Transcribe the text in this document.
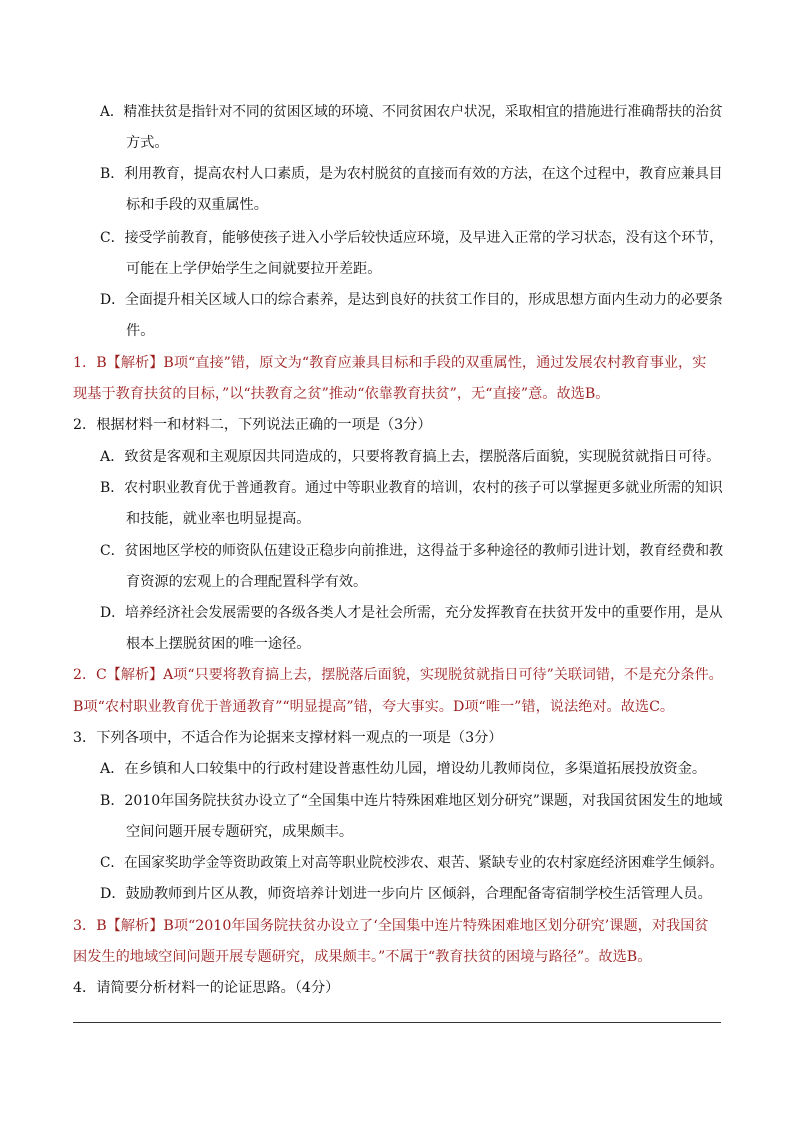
A．精准扶贫是指针对不同的贫困区域的环境、不同贫困农户状况，采取相宜的措施进行准确帮扶的治贫
方式。
B．利用教育，提高农村人口素质，是为农村脱贫的直接而有效的方法，在这个过程中，教育应兼具目
标和手段的双重属性。
C．接受学前教育，能够使孩子进入小学后较快适应环境，及早进入正常的学习状态，没有这个环节，
可能在上学伊始学生之间就要拉开差距。
D．全面提升相关区域人口的综合素养，是达到良好的扶贫工作目的，形成思想方面内生动力的必要条
件。
1．B【解析】B项“直接”错，原文为“教育应兼具目标和手段的双重属性，通过发展农村教育事业，实
现基于教育扶贫的目标，”以“扶教育之贫”推动“依靠教育扶贫”，无“直接”意。故选B。
2．根据材料一和材料二，下列说法正确的一项是（3分）
A．致贫是客观和主观原因共同造成的，只要将教育搞上去，摆脱落后面貌，实现脱贫就指日可待。
B．农村职业教育优于普通教育。通过中等职业教育的培训，农村的孩子可以掌握更多就业所需的知识
和技能，就业率也明显提高。
C．贫困地区学校的师资队伍建设正稳步向前推进，这得益于多种途径的教师引进计划，教育经费和教
育资源的宏观上的合理配置科学有效。
D．培养经济社会发展需要的各级各类人才是社会所需，充分发挥教育在扶贫开发中的重要作用，是从
根本上摆脱贫困的唯一途径。
2．C【解析】A项“只要将教育搞上去，摆脱落后面貌，实现脱贫就指日可待”关联词错，不是充分条件。
B项“农村职业教育优于普通教育”“明显提高”错，夸大事实。D项“唯一”错，说法绝对。故选C。
3．下列各项中，不适合作为论据来支撑材料一观点的一项是（3分）
A．在乡镇和人口较集中的行政村建设普惠性幼儿园，增设幼儿教师岗位，多渠道拓展投放资金。
B．2010年国务院扶贫办设立了“全国集中连片特殊困难地区划分研究”课题，对我国贫困发生的地域
空间问题开展专题研究，成果颇丰。
C．在国家奖助学金等资助政策上对高等职业院校涉农、艰苦、紧缺专业的农村家庭经济困难学生倾斜。
D．鼓励教师到片区从教，师资培养计划进一步向片 区倾斜，合理配备寄宿制学校生活管理人员。
3．B【解析】B项“2010年国务院扶贫办设立了‘全国集中连片特殊困难地区划分研究’课题，对我国贫
困发生的地域空间问题开展专题研究，成果颇丰。”不属于“教育扶贫的困境与路径”。故选B。
4．请简要分析材料一的论证思路。（4分）
